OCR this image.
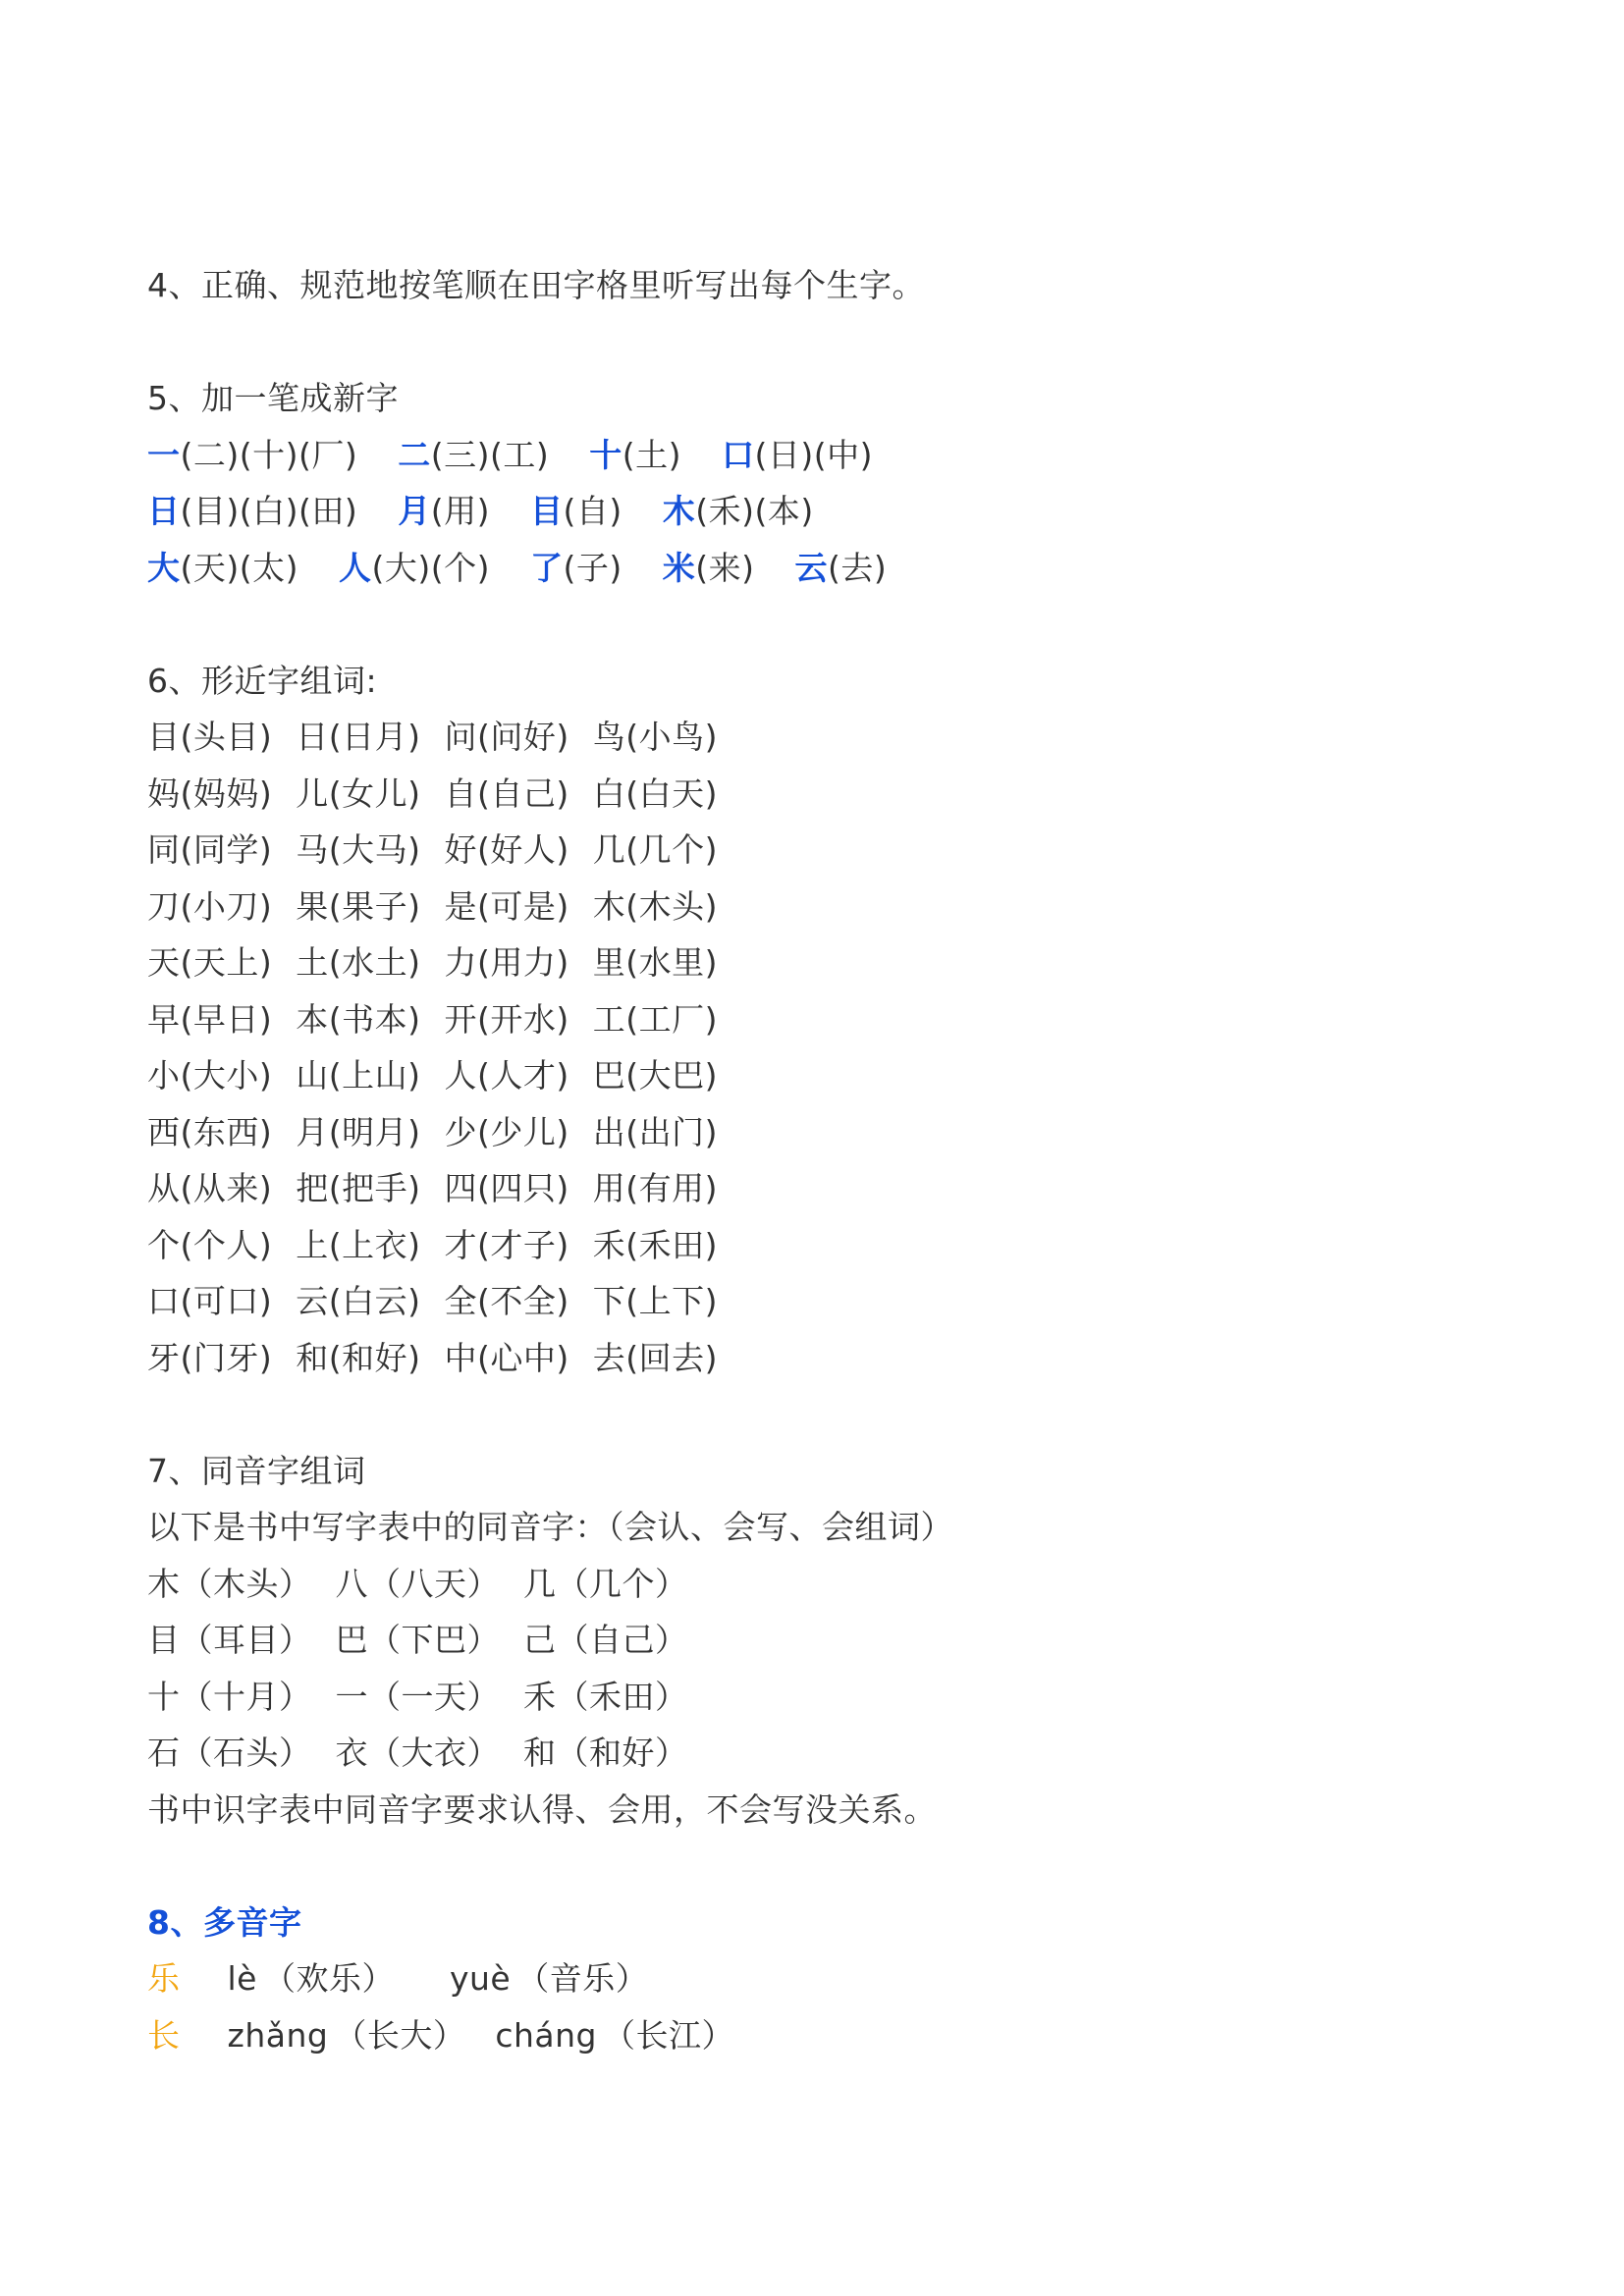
4、正确、规范地按笔顺在田字格里听写出每个生字。
5、加一笔成新字
一(二)(十)(厂) 二(三)(工) 十(土) 口(日)(中)
日(目)(白)(田) 月(用) 目(自) 木(禾)(本)
大(天)(太) 人(大)(个) 了(子) 米(来) 云(去)
6、形近字组词:
目(头目) 日(日月) 问(问好) 鸟(小鸟)
妈(妈妈) 儿(女儿) 自(自己) 白(白天)
同(同学) 马(大马) 好(好人) 几(几个)
刀(小刀) 果(果子) 是(可是) 木(木头)
天(天上) 土(水土) 力(用力) 里(水里)
早(早日) 本(书本) 开(开水) 工(工厂)
小(大小) 山(上山) 人(人才) 巴(大巴)
西(东西) 月(明月) 少(少儿) 出(出门)
从(从来) 把(把手) 四(四只) 用(有用)
个(个人) 上(上衣) 才(才子) 禾(禾田)
口(可口) 云(白云) 全(不全) 下(上下)
牙(门牙) 和(和好) 中(心中) 去(回去)
7、同音字组词
以下是书中写字表中的同音字：（会认、会写、会组词）
木（木头） 八（八天） 几（几个）
目（耳目） 巴（下巴） 己（自己）
十（十月） 一（一天） 禾（禾田）
石（石头） 衣（大衣） 和（和好）
书中识字表中同音字要求认得、会用，不会写没关系。
8、多音字
乐 lè （欢乐） yuè （音乐）
长 zhǎng （长大） cháng （长江）
